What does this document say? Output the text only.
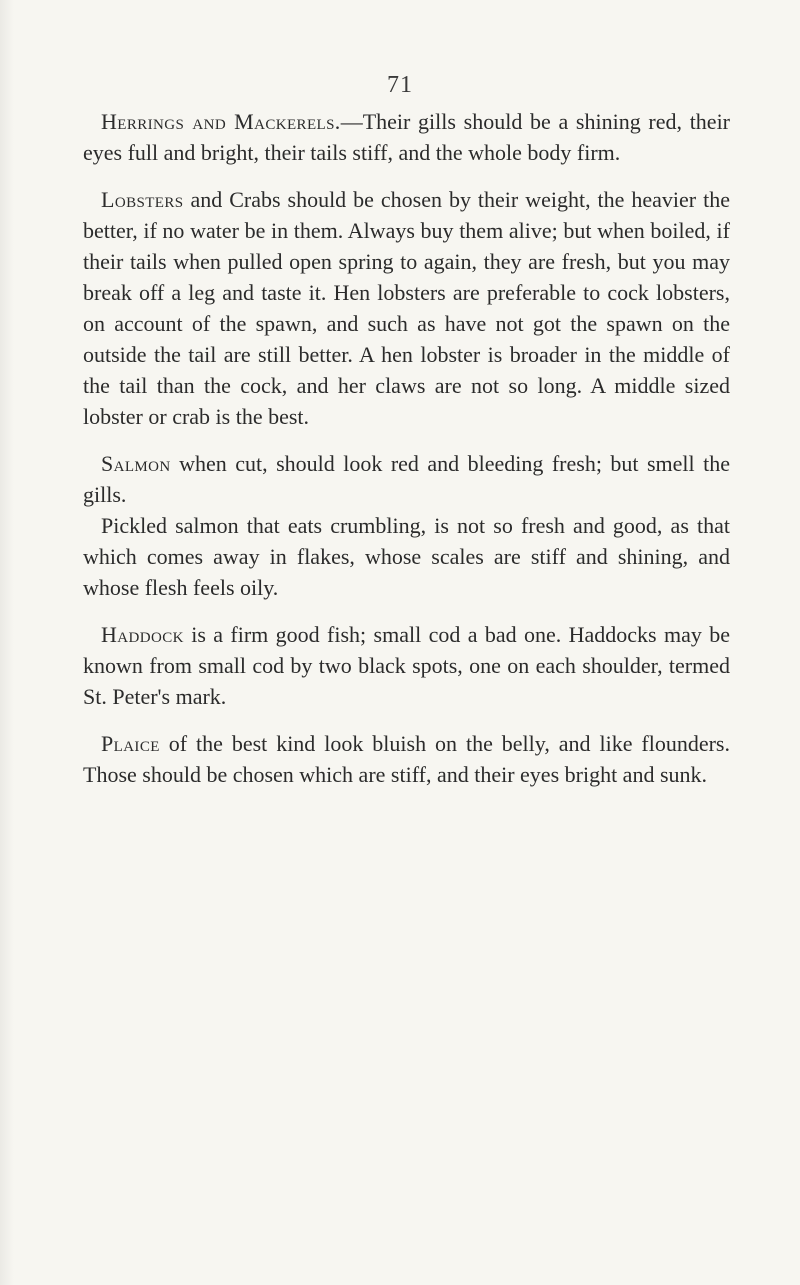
71

Herrings and Mackerels.—Their gills should be a shining red, their eyes full and bright, their tails stiff, and the whole body firm.

Lobsters and Crabs should be chosen by their weight, the heavier the better, if no water be in them. Always buy them alive; but when boiled, if their tails when pulled open spring to again, they are fresh, but you may break off a leg and taste it. Hen lobsters are preferable to cock lobsters, on account of the spawn, and such as have not got the spawn on the outside the tail are still better. A hen lobster is broader in the middle of the tail than the cock, and her claws are not so long. A middle sized lobster or crab is the best.

Salmon when cut, should look red and bleeding fresh; but smell the gills.

Pickled salmon that eats crumbling, is not so fresh and good, as that which comes away in flakes, whose scales are stiff and shining, and whose flesh feels oily.

Haddock is a firm good fish; small cod a bad one. Haddocks may be known from small cod by two black spots, one on each shoulder, termed St. Peter's mark.

Plaice of the best kind look bluish on the belly, and like flounders. Those should be chosen which are stiff, and their eyes bright and sunk.
